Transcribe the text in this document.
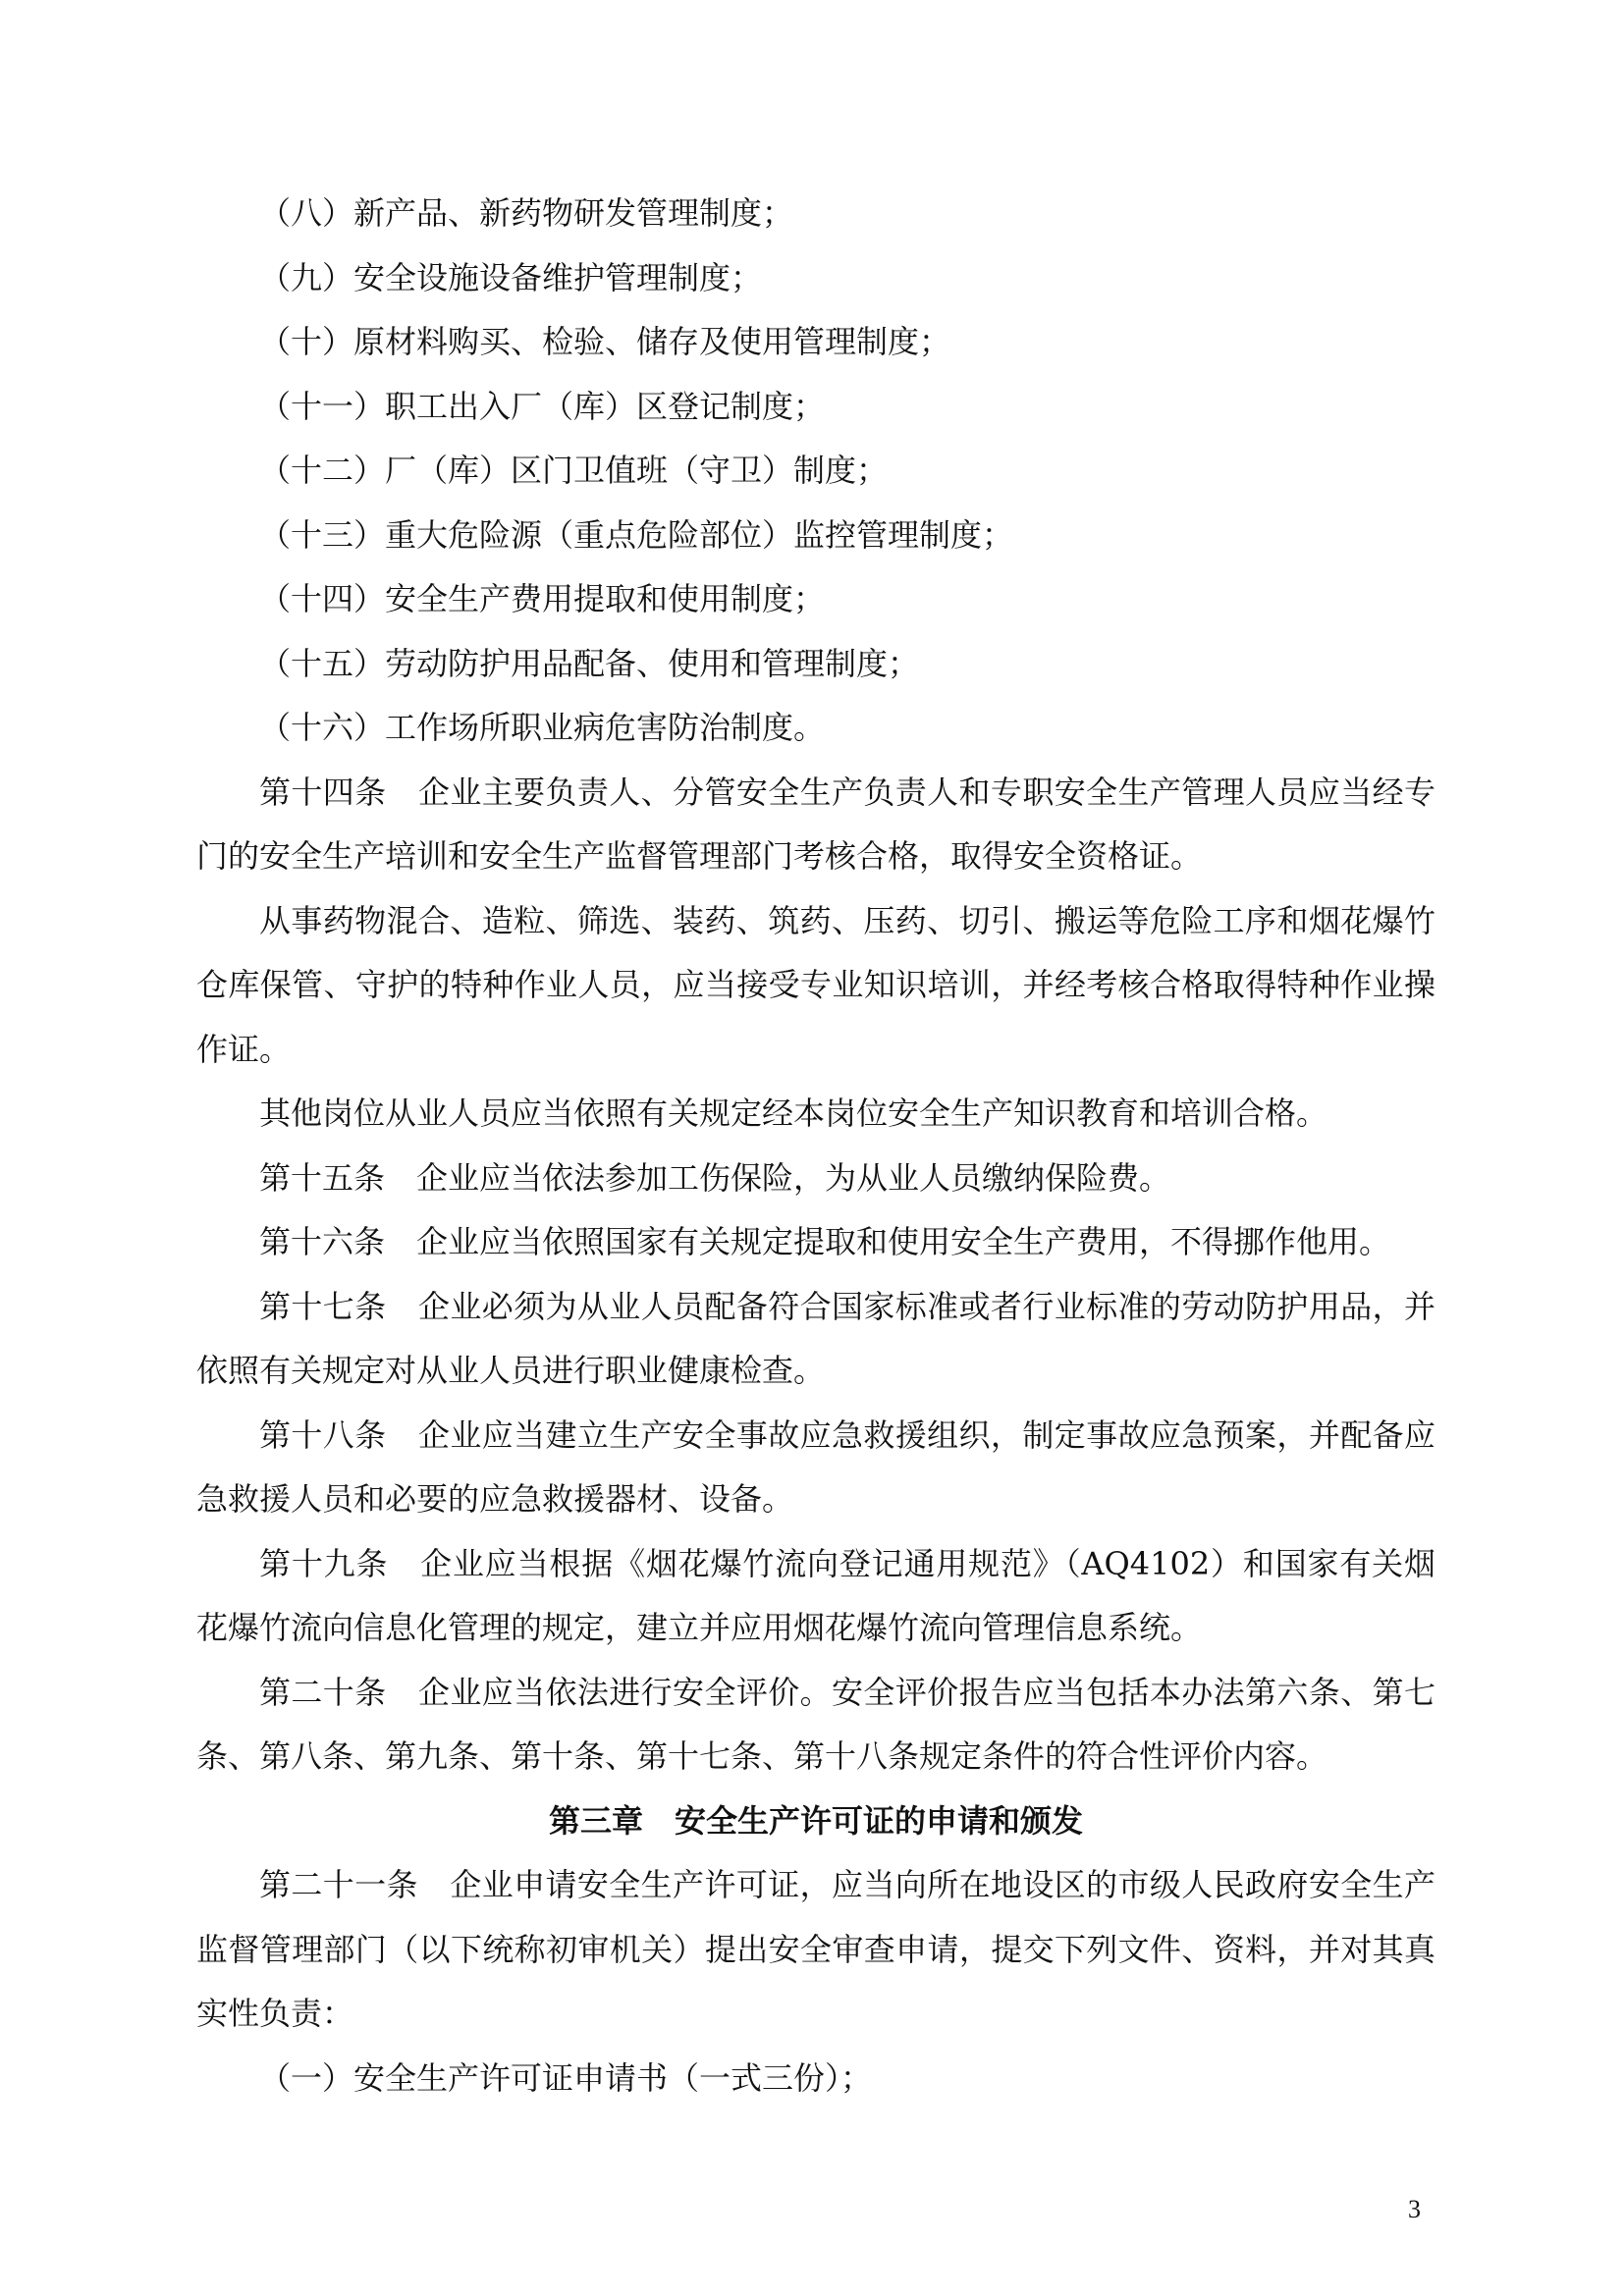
（八）新产品、新药物研发管理制度；

（九）安全设施设备维护管理制度；

（十）原材料购买、检验、储存及使用管理制度；

（十一）职工出入厂（库）区登记制度；

（十二）厂（库）区门卫值班（守卫）制度；

（十三）重大危险源（重点危险部位）监控管理制度；

（十四）安全生产费用提取和使用制度；

（十五）劳动防护用品配备、使用和管理制度；

（十六）工作场所职业病危害防治制度。

第十四条　企业主要负责人、分管安全生产负责人和专职安全生产管理人员应当经专门的安全生产培训和安全生产监督管理部门考核合格，取得安全资格证。

从事药物混合、造粒、筛选、装药、筑药、压药、切引、搬运等危险工序和烟花爆竹仓库保管、守护的特种作业人员，应当接受专业知识培训，并经考核合格取得特种作业操作证。

其他岗位从业人员应当依照有关规定经本岗位安全生产知识教育和培训合格。

第十五条　企业应当依法参加工伤保险，为从业人员缴纳保险费。

第十六条　企业应当依照国家有关规定提取和使用安全生产费用，不得挪作他用。

第十七条　企业必须为从业人员配备符合国家标准或者行业标准的劳动防护用品，并依照有关规定对从业人员进行职业健康检查。

第十八条　企业应当建立生产安全事故应急救援组织，制定事故应急预案，并配备应急救援人员和必要的应急救援器材、设备。

第十九条　企业应当根据《烟花爆竹流向登记通用规范》（AQ4102）和国家有关烟花爆竹流向信息化管理的规定，建立并应用烟花爆竹流向管理信息系统。

第二十条　企业应当依法进行安全评价。安全评价报告应当包括本办法第六条、第七条、第八条、第九条、第十条、第十七条、第十八条规定条件的符合性评价内容。

第三章　安全生产许可证的申请和颁发

第二十一条　企业申请安全生产许可证，应当向所在地设区的市级人民政府安全生产监督管理部门（以下统称初审机关）提出安全审查申请，提交下列文件、资料，并对其真实性负责：

（一）安全生产许可证申请书（一式三份）；

3
